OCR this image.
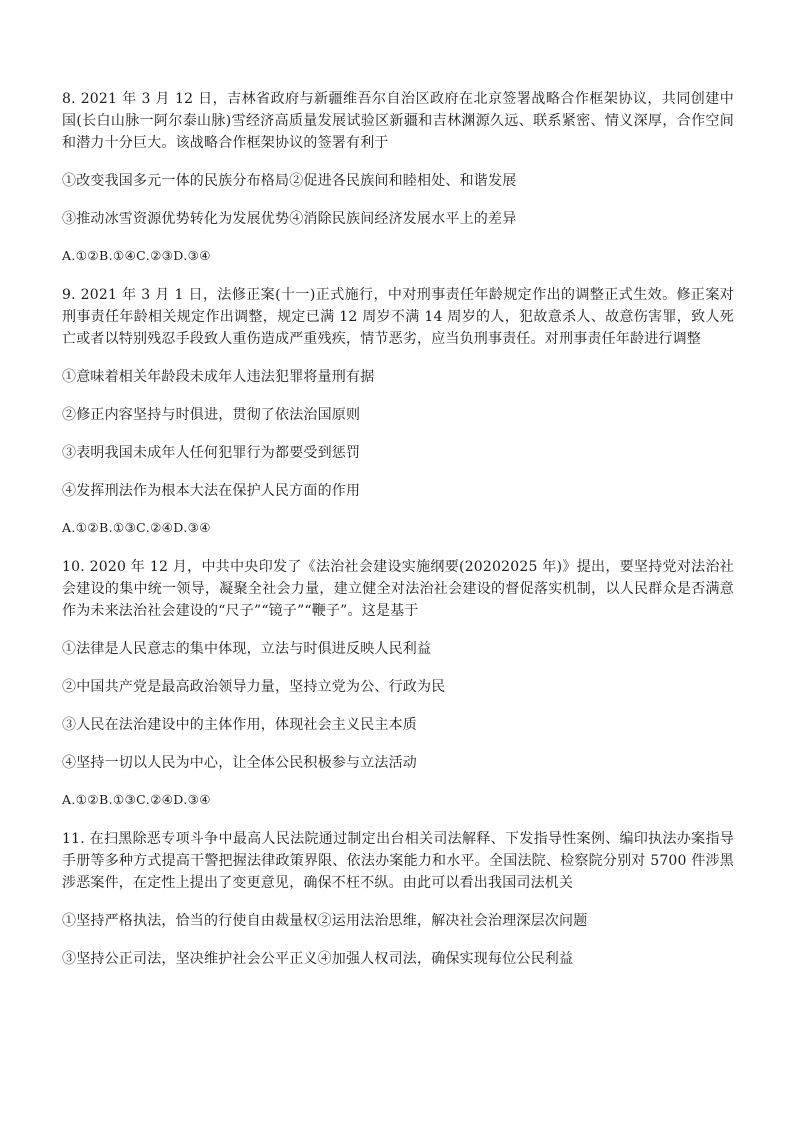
8. 2021 年 3 月 12 日，吉林省政府与新疆维吾尔自治区政府在北京签署战略合作框架协议，共同创建中国(长白山脉一阿尔泰山脉)雪经济高质量发展试验区新疆和吉林渊源久远、联系紧密、情义深厚，合作空间和潜力十分巨大。该战略合作框架协议的签署有利于

①改变我国多元一体的民族分布格局②促进各民族间和睦相处、和谐发展

③推动冰雪资源优势转化为发展优势④消除民族间经济发展水平上的差异

A.①②B.①④C.②③D.③④

9. 2021 年 3 月 1 日，法修正案(十一)正式施行，中对刑事责任年龄规定作出的调整正式生效。修正案对刑事责任年龄相关规定作出调整，规定已满 12 周岁不满 14 周岁的人，犯故意杀人、故意伤害罪，致人死亡或者以特别残忍手段致人重伤造成严重残疾，情节恶劣，应当负刑事责任。对刑事责任年龄进行调整

①意味着相关年龄段未成年人违法犯罪将量刑有据

②修正内容坚持与时俱进，贯彻了依法治国原则

③表明我国未成年人任何犯罪行为都要受到惩罚

④发挥刑法作为根本大法在保护人民方面的作用

A.①②B.①③C.②④D.③④

10. 2020 年 12 月，中共中央印发了《法治社会建设实施纲要(20202025 年)》提出，要坚持党对法治社会建设的集中统一领导，凝聚全社会力量，建立健全对法治社会建设的督促落实机制，以人民群众是否满意作为未来法治社会建设的“尺子”“镜子”“鞭子”。这是基于

①法律是人民意志的集中体现，立法与时俱进反映人民利益

②中国共产党是最高政治领导力量，坚持立党为公、行政为民

③人民在法治建设中的主体作用，体现社会主义民主本质

④坚持一切以人民为中心，让全体公民积极参与立法活动

A.①②B.①③C.②④D.③④

11. 在扫黑除恶专项斗争中最高人民法院通过制定出台相关司法解释、下发指导性案例、编印执法办案指导手册等多种方式提高干警把握法律政策界限、依法办案能力和水平。全国法院、检察院分别对 5700 件涉黑涉恶案件，在定性上提出了变更意见，确保不枉不纵。由此可以看出我国司法机关

①坚持严格执法，恰当的行使自由裁量权②运用法治思维，解决社会治理深层次问题

③坚持公正司法，坚决维护社会公平正义④加强人权司法，确保实现每位公民利益
